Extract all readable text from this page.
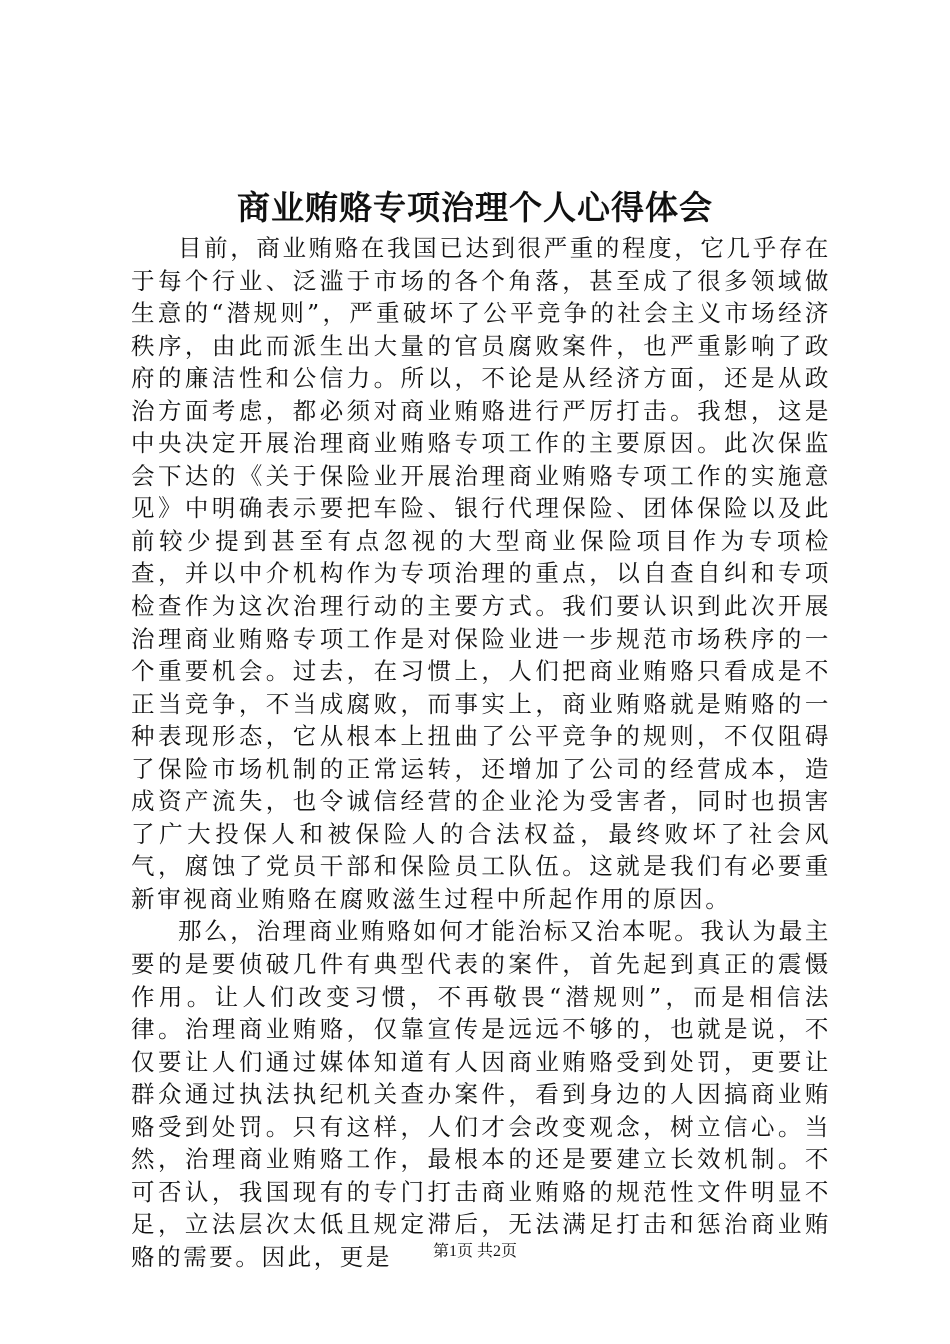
商业贿赂专项治理个人心得体会

目前，商业贿赂在我国已达到很严重的程度，它几乎存在于每个行业、泛滥于市场的各个角落，甚至成了很多领域做生意的“潜规则”，严重破坏了公平竞争的社会主义市场经济秩序，由此而派生出大量的官员腐败案件，也严重影响了政府的廉洁性和公信力。所以，不论是从经济方面，还是从政治方面考虑，都必须对商业贿赂进行严厉打击。我想，这是中央决定开展治理商业贿赂专项工作的主要原因。此次保监会下达的《关于保险业开展治理商业贿赂专项工作的实施意见》中明确表示要把车险、银行代理保险、团体保险以及此前较少提到甚至有点忽视的大型商业保险项目作为专项检查，并以中介机构作为专项治理的重点，以自查自纠和专项检查作为这次治理行动的主要方式。我们要认识到此次开展治理商业贿赂专项工作是对保险业进一步规范市场秩序的一个重要机会。过去，在习惯上，人们把商业贿赂只看成是不正当竞争，不当成腐败，而事实上，商业贿赂就是贿赂的一种表现形态，它从根本上扭曲了公平竞争的规则，不仅阻碍了保险市场机制的正常运转，还增加了公司的经营成本，造成资产流失，也令诚信经营的企业沦为受害者，同时也损害了广大投保人和被保险人的合法权益，最终败坏了社会风气，腐蚀了党员干部和保险员工队伍。这就是我们有必要重新审视商业贿赂在腐败滋生过程中所起作用的原因。

那么，治理商业贿赂如何才能治标又治本呢。我认为最主要的是要侦破几件有典型代表的案件，首先起到真正的震慑作用。让人们改变习惯，不再敬畏“潜规则”，而是相信法律。治理商业贿赂，仅靠宣传是远远不够的，也就是说，不仅要让人们通过媒体知道有人因商业贿赂受到处罚，更要让群众通过执法执纪机关查办案件，看到身边的人因搞商业贿赂受到处罚。只有这样，人们才会改变观念，树立信心。当然，治理商业贿赂工作，最根本的还是要建立长效机制。不可否认，我国现有的专门打击商业贿赂的规范性文件明显不足，立法层次太低且规定滞后，无法满足打击和惩治商业贿赂的需要。因此，更是	第1页 共2页
